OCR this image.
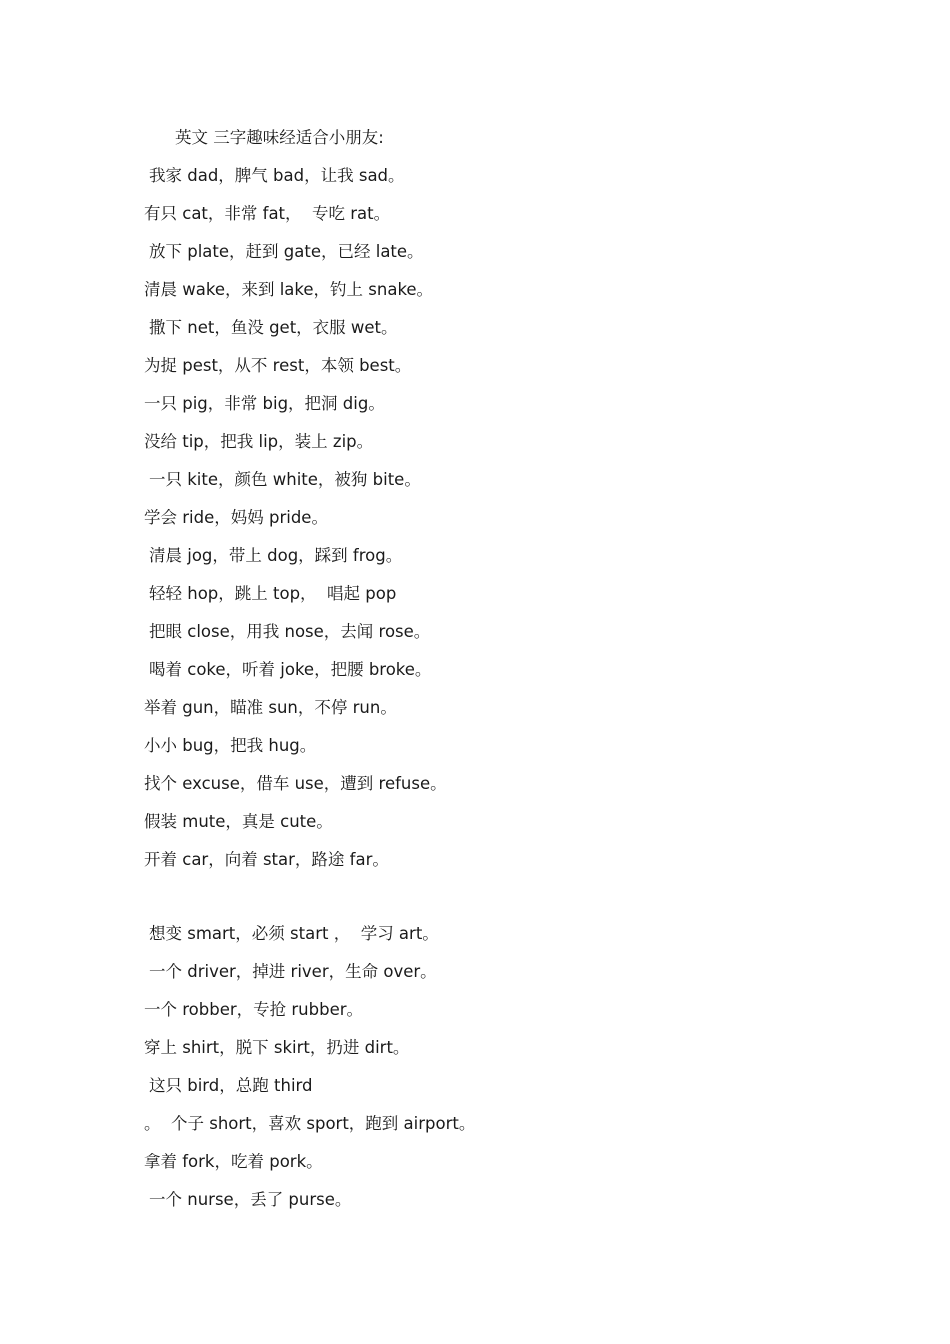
英文 三字趣味经适合小朋友:
我家 dad，脾气 bad，让我 sad。
有只 cat，非常 fat，  专吃 rat。
放下 plate，赶到 gate，已经 late。
清晨 wake，来到 lake，钓上 snake。
撒下 net，鱼没 get，衣服 wet。
为捉 pest，从不 rest，本领 best。
一只 pig，非常 big，把洞 dig。
没给 tip，把我 lip，装上 zip。
一只 kite，颜色 white，被狗 bite。
学会 ride，妈妈 pride。
清晨 jog，带上 dog，踩到 frog。
轻轻 hop，跳上 top，  唱起 pop
把眼 close，用我 nose，去闻 rose。
喝着 coke，听着 joke，把腰 broke。
举着 gun，瞄准 sun，不停 run。
小小 bug，把我 hug。
找个 excuse，借车 use，遭到 refuse。
假装 mute，真是 cute。
开着 car，向着 star，路途 far。
想变 smart，必须 start ，  学习 art。
一个 driver，掉进 river，生命 over。
一个 robber，专抢 rubber。
穿上 shirt，脱下 skirt，扔进 dirt。
这只 bird，总跑 third
。  个子 short，喜欢 sport，跑到 airport。
拿着 fork，吃着 pork。
一个 nurse，丢了 purse。
